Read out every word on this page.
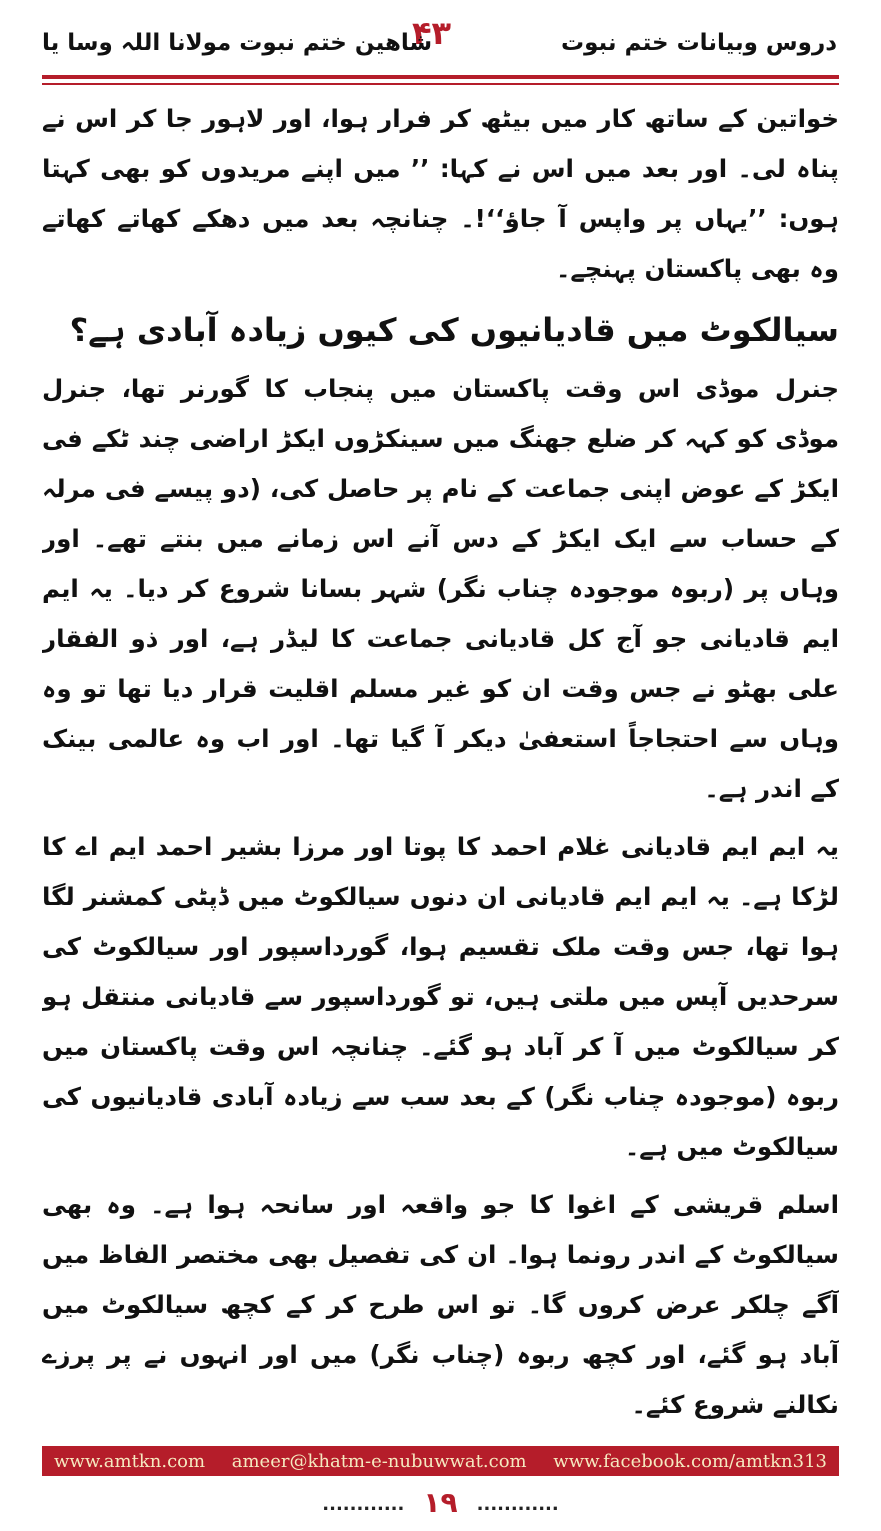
دروس وبیانات ختم نبوت
۴۳
شاھین ختم نبوت مولانا اللہ وسا یا

خواتین کے ساتھ کار میں بیٹھ کر فرار ہوا، اور لاہور جا کر اس نے پناہ لی۔ اور بعد میں اس نے کہا: ’’ میں اپنے مریدوں کو بھی کہتا ہوں: ’’یہاں پر واپس آ جاؤ‘‘!۔ چنانچہ بعد میں دھکے کھاتے کھاتے وہ بھی پاکستان پہنچے۔

سیالکوٹ میں قادیانیوں کی کیوں زیادہ آبادی ہے؟

جنرل موڈی اس وقت پاکستان میں پنجاب کا گورنر تھا، جنرل موڈی کو کہہ کر ضلع جھنگ میں سینکڑوں ایکڑ اراضی چند ٹکے فی ایکڑ کے عوض اپنی جماعت کے نام پر حاصل کی، (دو پیسے فی مرلہ کے حساب سے ایک ایکڑ کے دس آنے اس زمانے میں بنتے تھے۔ اور وہاں پر (ربوہ موجودہ چناب نگر) شہر بسانا شروع کر دیا۔ یہ ایم ایم قادیانی جو آج کل قادیانی جماعت کا لیڈر ہے، اور ذو الفقار علی بھٹو نے جس وقت ان کو غیر مسلم اقلیت قرار دیا تھا تو وہ وہاں سے احتجاجاً استعفیٰ دیکر آ گیا تھا۔ اور اب وہ عالمی بینک کے اندر ہے۔

یہ ایم ایم قادیانی غلام احمد کا پوتا اور مرزا بشیر احمد ایم اے کا لڑکا ہے۔ یہ ایم ایم قادیانی ان دنوں سیالکوٹ میں ڈپٹی کمشنر لگا ہوا تھا، جس وقت ملک تقسیم ہوا، گورداسپور اور سیالکوٹ کی سرحدیں آپس میں ملتی ہیں، تو گورداسپور سے قادیانی منتقل ہو کر سیالکوٹ میں آ کر آباد ہو گئے۔ چنانچہ اس وقت پاکستان میں ربوہ (موجودہ چناب نگر) کے بعد سب سے زیادہ آبادی قادیانیوں کی سیالکوٹ میں ہے۔

اسلم قریشی کے اغوا کا جو واقعہ اور سانحہ ہوا ہے۔ وہ بھی سیالکوٹ کے اندر رونما ہوا۔ ان کی تفصیل بھی مختصر الفاظ میں آگے چلکر عرض کروں گا۔ تو اس طرح کر کے کچھ سیالکوٹ میں آباد ہو گئے، اور کچھ ربوہ (چناب نگر) میں اور انہوں نے پر پرزے نکالنے شروع کئے۔

www.amtkn.com ameer@khatm-e-nubuwwat.com www.facebook.com/amtkn313
............ ۱۹ ............
